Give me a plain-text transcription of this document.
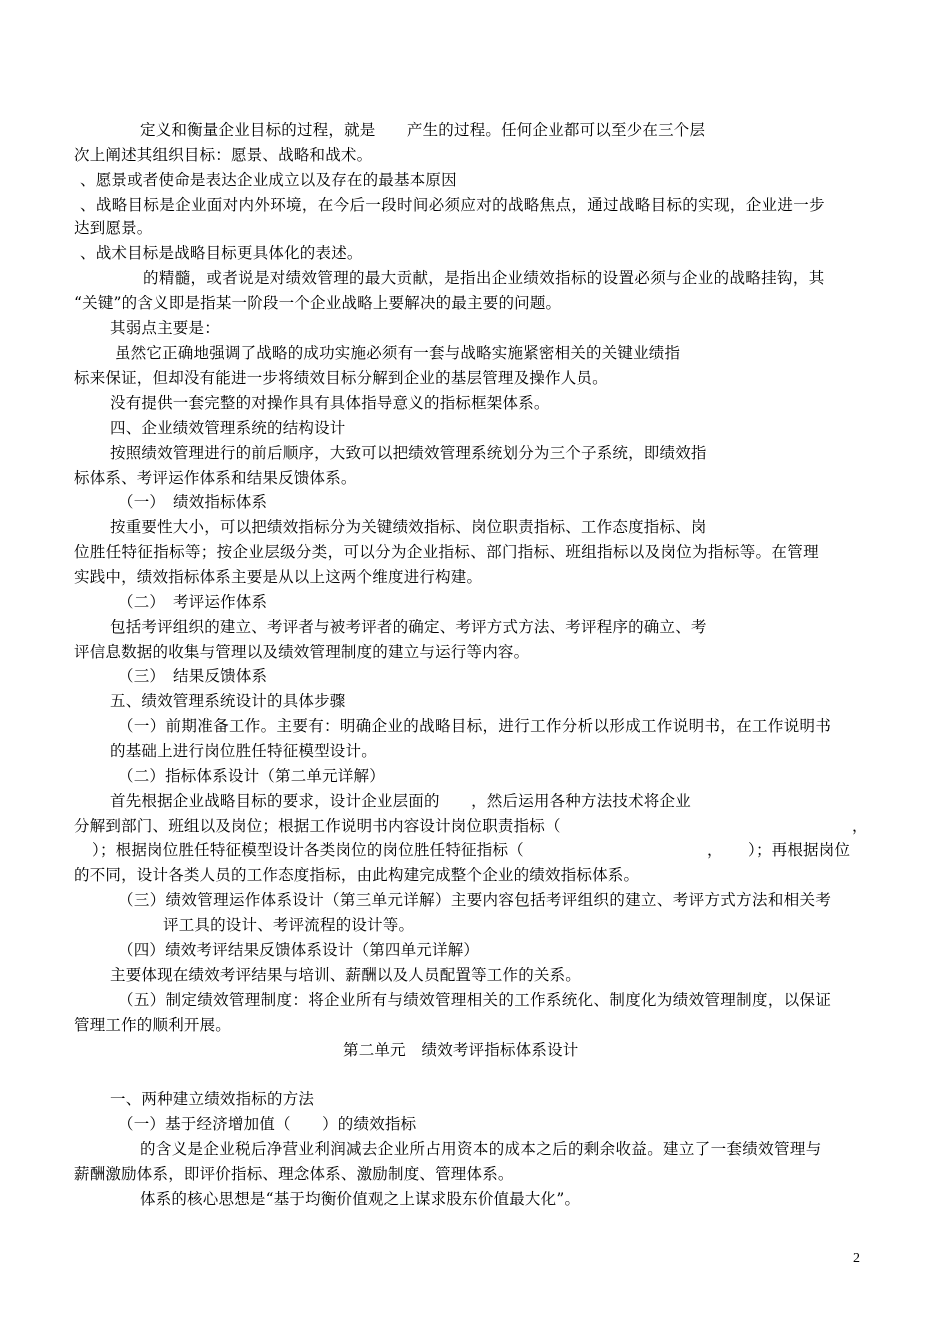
定义和衡量企业目标的过程，就是　　产生的过程。任何企业都可以至少在三个层
次上阐述其组织目标：愿景、战略和战术。
、愿景或者使命是表达企业成立以及存在的最基本原因
、战略目标是企业面对内外环境，在今后一段时间必须应对的战略焦点，通过战略目标的实现，企业进一步
达到愿景。
、战术目标是战略目标更具体化的表述。
的精髓，或者说是对绩效管理的最大贡献，是指出企业绩效指标的设置必须与企业的战略挂钩，其
“关键”的含义即是指某一阶段一个企业战略上要解决的最主要的问题。
其弱点主要是：
虽然它正确地强调了战略的成功实施必须有一套与战略实施紧密相关的关键业绩指
标来保证，但却没有能进一步将绩效目标分解到企业的基层管理及操作人员。
没有提供一套完整的对操作具有具体指导意义的指标框架体系。
四、企业绩效管理系统的结构设计
按照绩效管理进行的前后顺序，大致可以把绩效管理系统划分为三个子系统，即绩效指
标体系、考评运作体系和结果反馈体系。
（一）　绩效指标体系
按重要性大小，可以把绩效指标分为关键绩效指标、岗位职责指标、工作态度指标、岗
位胜任特征指标等；按企业层级分类，可以分为企业指标、部门指标、班组指标以及岗位为指标等。在管理
实践中，绩效指标体系主要是从以上这两个维度进行构建。
（二）　考评运作体系
包括考评组织的建立、考评者与被考评者的确定、考评方式方法、考评程序的确立、考
评信息数据的收集与管理以及绩效管理制度的建立与运行等内容。
（三）　结果反馈体系
五、绩效管理系统设计的具体步骤
（一）前期准备工作。主要有：明确企业的战略目标，进行工作分析以形成工作说明书，在工作说明书
的基础上进行岗位胜任特征模型设计。
（二）指标体系设计（第二单元详解）
首先根据企业战略目标的要求，设计企业层面的　　，然后运用各种方法技术将企业
分解到部门、班组以及岗位；根据工作说明书内容设计岗位职责指标（	，
）；根据岗位胜任特征模型设计各类岗位的岗位胜任特征指标（	， ）；再根据岗位
的不同，设计各类人员的工作态度指标，由此构建完成整个企业的绩效指标体系。
（三）绩效管理运作体系设计（第三单元详解）主要内容包括考评组织的建立、考评方式方法和相关考
评工具的设计、考评流程的设计等。
（四）绩效考评结果反馈体系设计（第四单元详解）
主要体现在绩效考评结果与培训、薪酬以及人员配置等工作的关系。
（五）制定绩效管理制度：将企业所有与绩效管理相关的工作系统化、制度化为绩效管理制度，以保证
管理工作的顺利开展。
第二单元　绩效考评指标体系设计
一、两种建立绩效指标的方法
（一）基于经济增加值（　　）的绩效指标
的含义是企业税后净营业利润减去企业所占用资本的成本之后的剩余收益。建立了一套绩效管理与
薪酬激励体系，即评价指标、理念体系、激励制度、管理体系。
体系的核心思想是“基于均衡价值观之上谋求股东价值最大化”。
2
